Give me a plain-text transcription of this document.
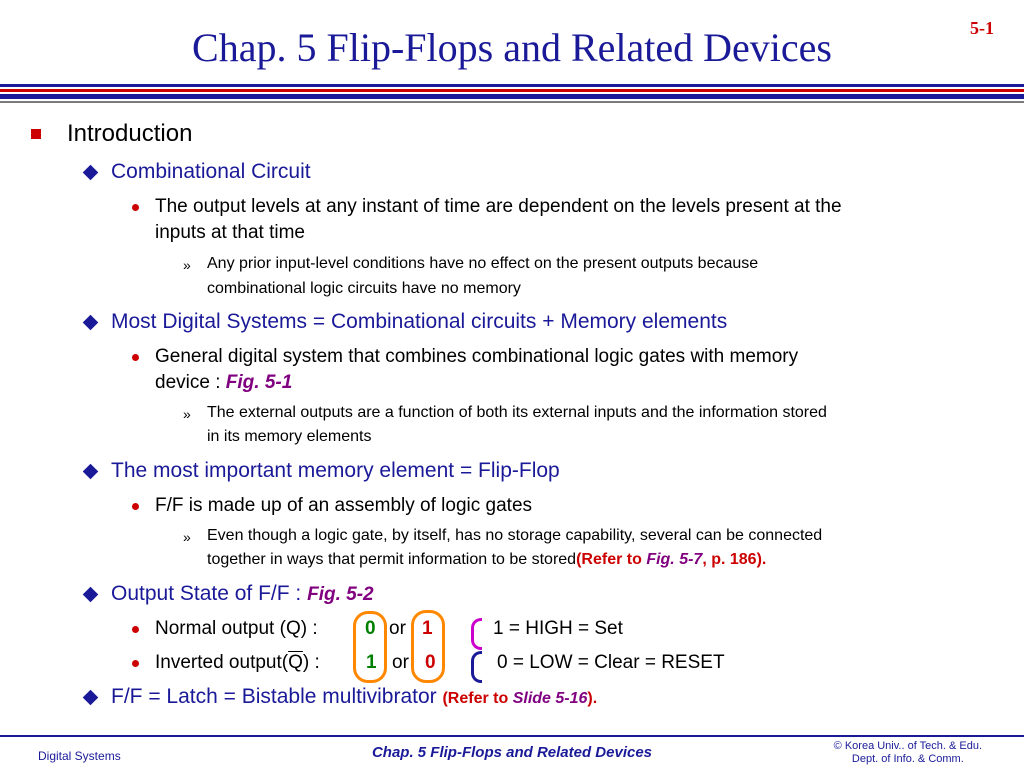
5-1
Chap. 5 Flip-Flops and Related Devices
Introduction
Combinational Circuit
The output levels at any instant of time are dependent on the levels present at the
inputs at that time
» Any prior input-level conditions have no effect on the present outputs because
combinational logic circuits have no memory
Most Digital Systems = Combinational circuits + Memory elements
General digital system that combines combinational logic gates with memory
device : Fig. 5-1
» The external outputs are a function of both its external inputs and the information stored
in its memory elements
The most important memory element = Flip-Flop
F/F is made up of an assembly of logic gates
» Even though a logic gate, by itself, has no storage capability, several can be connected
together in ways that permit information to be stored(Refer to Fig. 5-7, p. 186).
Output State of F/F : Fig. 5-2
Normal output (Q) : 0 or 1	1 = HIGH = Set
Inverted $output(\overline{Q})$ : 1 or 0	0 = LOW = Clear = RESET
F/F = Latch = Bistable multivibrator (Refer to Slide 5-16).
Digital Systems	Chap. 5 Flip-Flops and Related Devices	© Korea Univ.. of Tech. & Edu.
Dept. of Info. & Comm.
